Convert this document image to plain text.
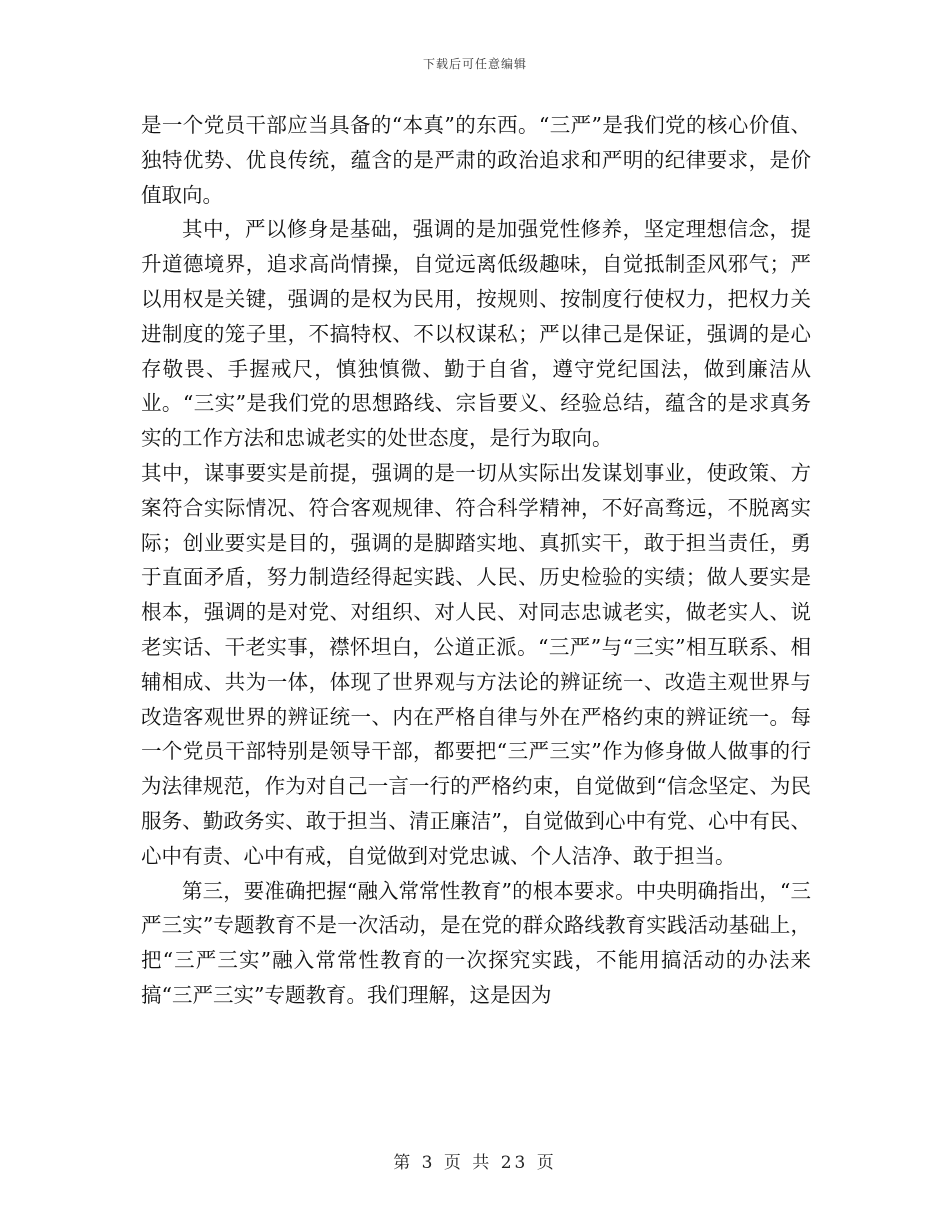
下载后可任意编辑

是一个党员干部应当具备的“本真”的东西。“三严”是我们党的核心价值、独特优势、优良传统，蕴含的是严肃的政治追求和严明的纪律要求，是价值取向。

其中，严以修身是基础，强调的是加强党性修养，坚定理想信念，提升道德境界，追求高尚情操，自觉远离低级趣味，自觉抵制歪风邪气；严以用权是关键，强调的是权为民用，按规则、按制度行使权力，把权力关进制度的笼子里，不搞特权、不以权谋私；严以律己是保证，强调的是心存敬畏、手握戒尺，慎独慎微、勤于自省，遵守党纪国法，做到廉洁从业。“三实”是我们党的思想路线、宗旨要义、经验总结，蕴含的是求真务实的工作方法和忠诚老实的处世态度，是行为取向。

其中，谋事要实是前提，强调的是一切从实际出发谋划事业，使政策、方案符合实际情况、符合客观规律、符合科学精神，不好高骛远，不脱离实际；创业要实是目的，强调的是脚踏实地、真抓实干，敢于担当责任，勇于直面矛盾，努力制造经得起实践、人民、历史检验的实绩；做人要实是根本，强调的是对党、对组织、对人民、对同志忠诚老实，做老实人、说老实话、干老实事，襟怀坦白，公道正派。“三严”与“三实”相互联系、相辅相成、共为一体，体现了世界观与方法论的辨证统一、改造主观世界与改造客观世界的辨证统一、内在严格自律与外在严格约束的辨证统一。每一个党员干部特别是领导干部，都要把“三严三实”作为修身做人做事的行为法律规范，作为对自己一言一行的严格约束，自觉做到“信念坚定、为民服务、勤政务实、敢于担当、清正廉洁”，自觉做到心中有党、心中有民、心中有责、心中有戒，自觉做到对党忠诚、个人洁净、敢于担当。

第三，要准确把握“融入常常性教育”的根本要求。中央明确指出，“三严三实”专题教育不是一次活动，是在党的群众路线教育实践活动基础上，把“三严三实”融入常常性教育的一次探究实践，不能用搞活动的办法来搞“三严三实”专题教育。我们理解，这是因为

第 3 页 共 23 页
